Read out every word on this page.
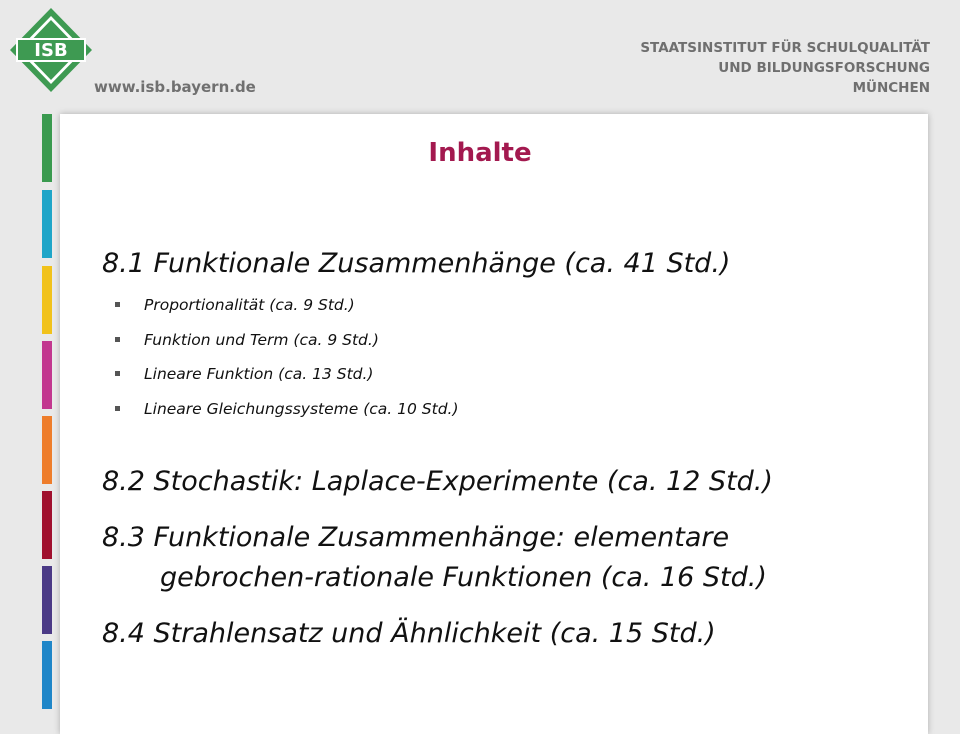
ISB
www.isb.bayern.de
STAATSINSTITUT FÜR SCHULQUALITÄT
UND BILDUNGSFORSCHUNG
MÜNCHEN
Inhalte
8.1 Funktionale Zusammenhänge (ca. 41 Std.)
Proportionalität (ca. 9 Std.)
Funktion und Term (ca. 9 Std.)
Lineare Funktion (ca. 13 Std.)
Lineare Gleichungssysteme (ca. 10 Std.)
8.2 Stochastik: Laplace-Experimente (ca. 12 Std.)
8.3 Funktionale Zusammenhänge: elementare
gebrochen-rationale Funktionen (ca. 16 Std.)
8.4 Strahlensatz und Ähnlichkeit (ca. 15 Std.)
